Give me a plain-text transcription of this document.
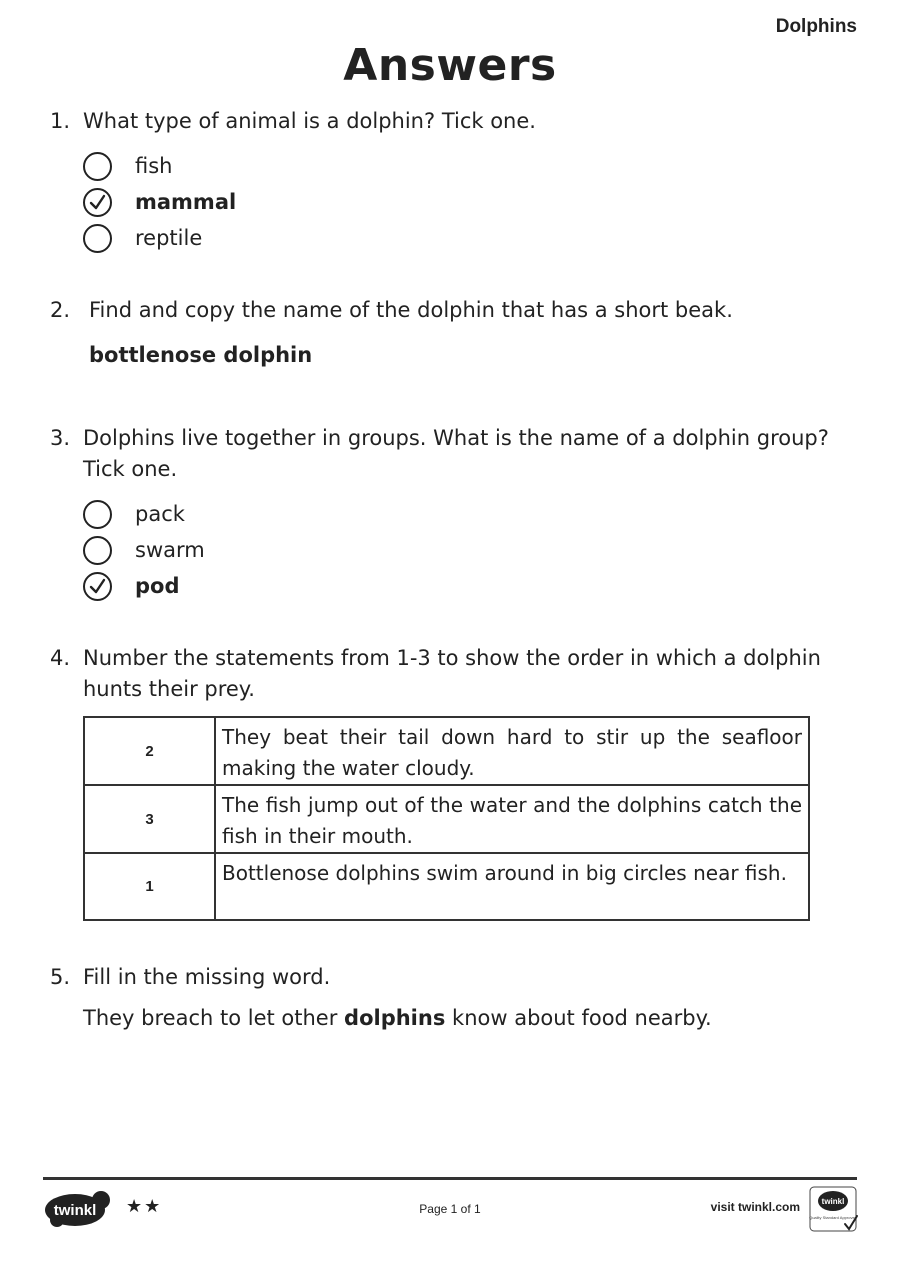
Dolphins
Answers
1. What type of animal is a dolphin? Tick one.
fish
mammal
reptile
2. Find and copy the name of the dolphin that has a short beak.
bottlenose dolphin
3. Dolphins live together in groups. What is the name of a dolphin group? Tick one.
pack
swarm
pod
4. Number the statements from 1-3 to show the order in which a dolphin hunts their prey.
2	They beat their tail down hard to stir up the seafloor making the water cloudy.
3	The fish jump out of the water and the dolphins catch the fish in their mouth.
1	Bottlenose dolphins swim around in big circles near fish.
5. Fill in the missing word.
They breach to let other dolphins know about food nearby.
twinkl ★★	Page 1 of 1	visit twinkl.com	twinkl
Quality Standard Approved
